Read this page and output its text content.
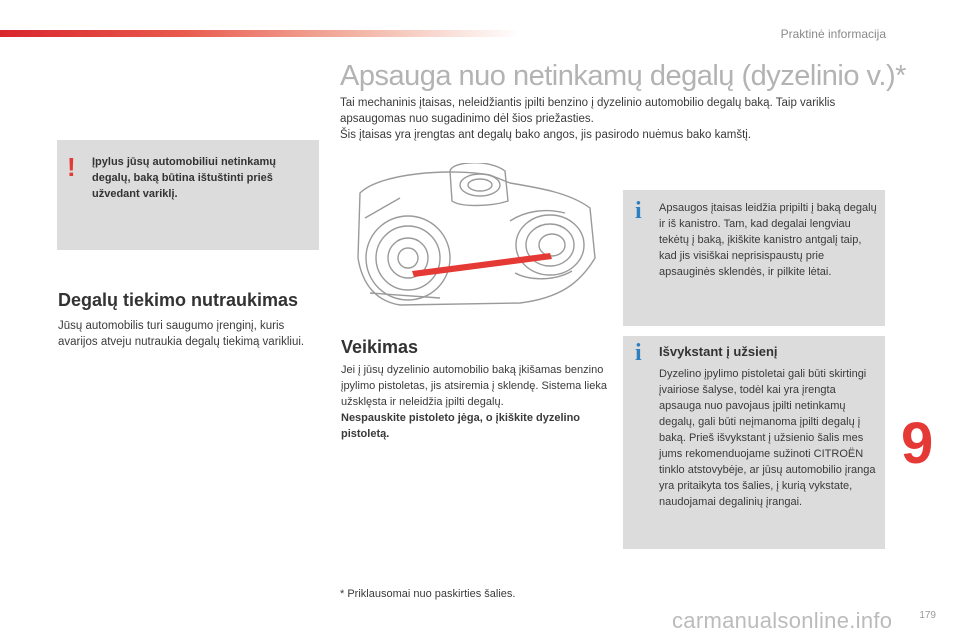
Praktinė informacija
Apsauga nuo netinkamų degalų (dyzelinio v.)*

Tai mechaninis įtaisas, neleidžiantis įpilti benzino į dyzelinio automobilio degalų baką. Taip variklis apsaugomas nuo sugadinimo dėl šios priežasties.

Šis įtaisas yra įrengtas ant degalų bako angos, jis pasirodo nuėmus bako kamštį.

! Įpylus jūsų automobiliui netinkamų degalų, baką būtina ištuštinti prieš užvedant variklį.
Degalų tiekimo nutraukimas
Jūsų automobilis turi saugumo įrenginį, kuris avarijos atveju nutraukia degalų tiekimą varikliui.	Veikimas
Jei į jūsų dyzelinio automobilio baką įkišamas benzino įpylimo pistoletas, jis atsiremia į sklendę. Sistema lieka užsklęsta ir neleidžia įpilti degalų.
Nespauskite pistoleto jėga, o įkiškite dyzelino pistoletą.
i Apsaugos įtaisas leidžia pripilti į baką degalų ir iš kanistro. Tam, kad degalai lengviau tekėtų į baką, įkiškite kanistro antgalį taip, kad jis visiškai neprisispaustų prie apsauginės sklendės, ir pilkite lėtai.
i Išvykstant į užsienį
Dyzelino įpylimo pistoletai gali būti skirtingi įvairiose šalyse, todėl kai yra įrengta apsauga nuo pavojaus įpilti netinkamų degalų, gali būti neįmanoma įpilti degalų į baką. Prieš išvykstant į užsienio šalis mes jums rekomenduojame sužinoti CITROËN tinklo atstovybėje, ar jūsų automobilio įranga yra pritaikyta tos šalies, į kurią vykstate, naudojamai degalinių įrangai.
* Priklausomai nuo paskirties šalies.
9
179
carmanualsonline.info
